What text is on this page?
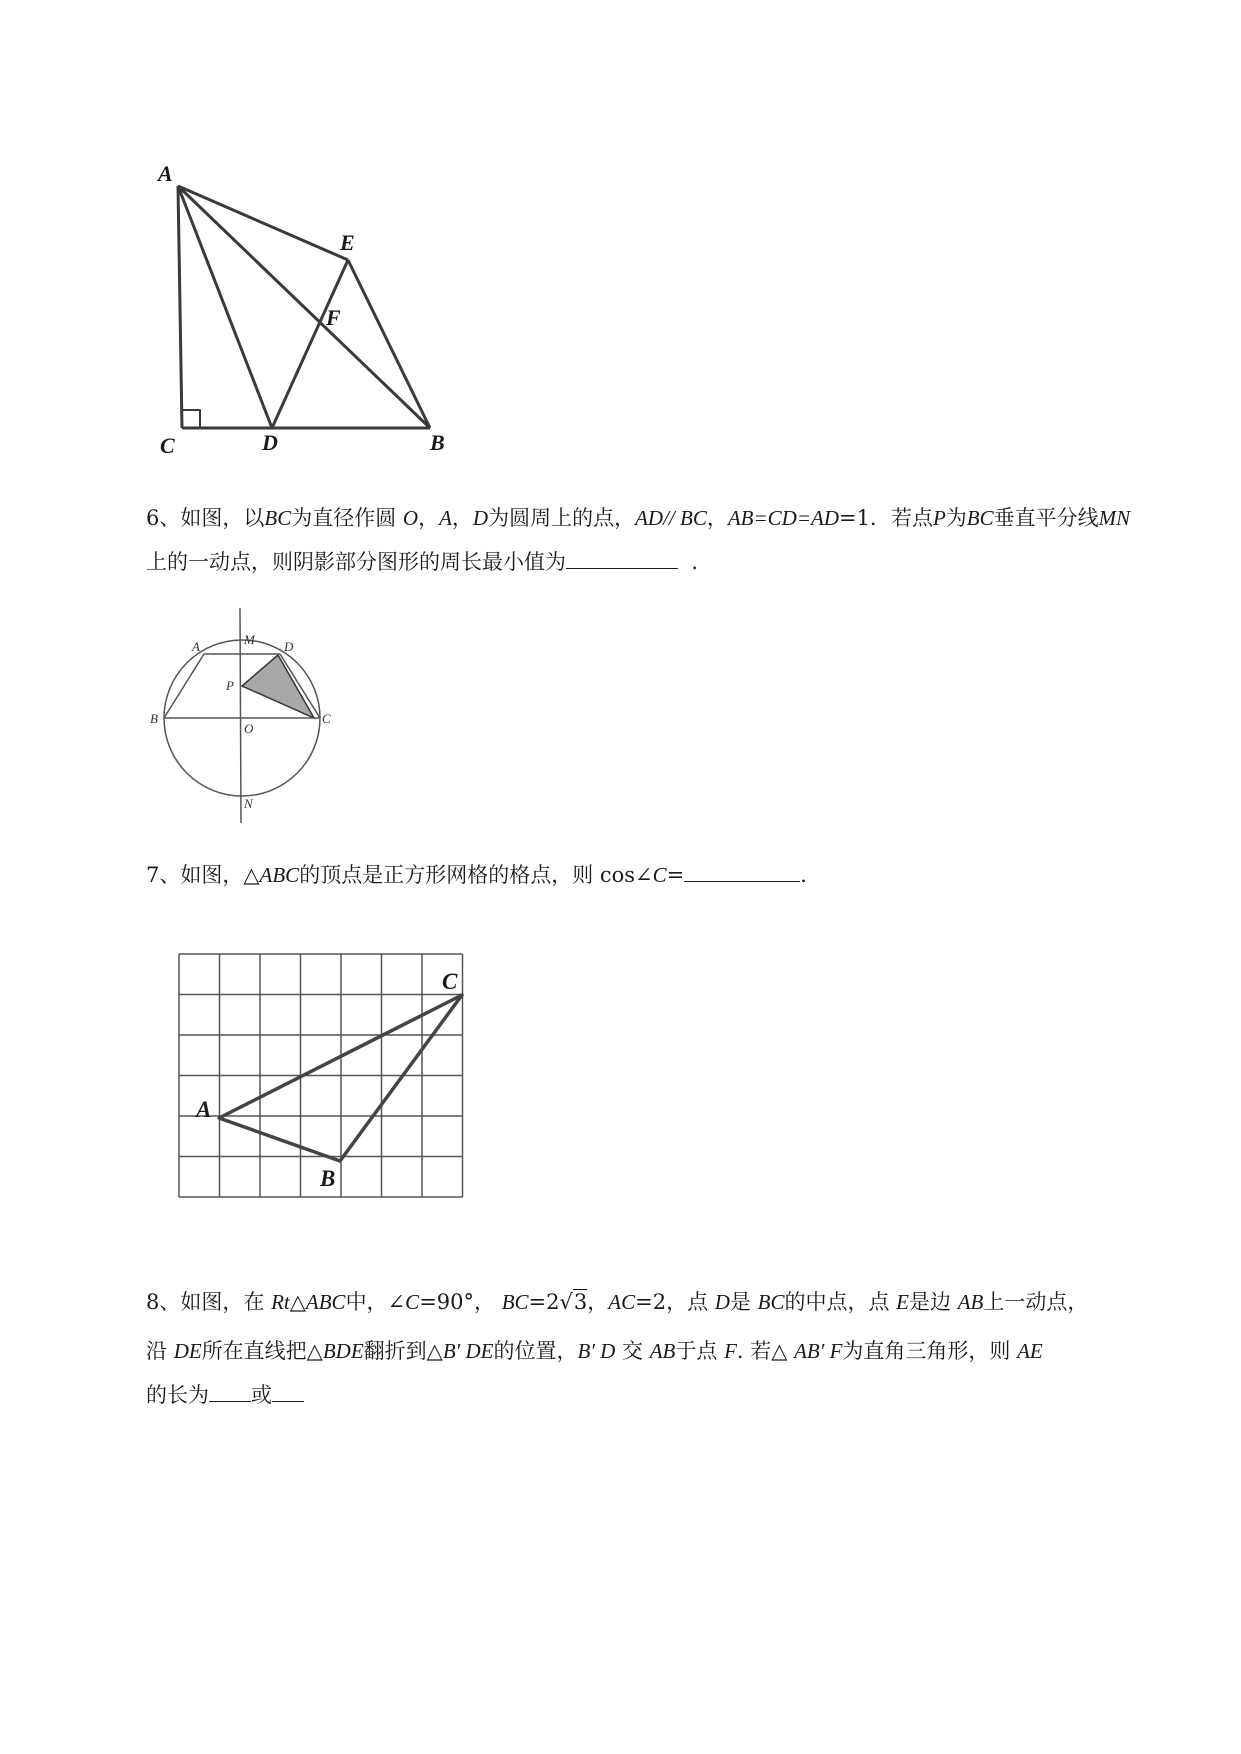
A
E
F
C	D	B
6、如图，以BC为直径作圆 O，A，D为圆周上的点，AD// BC，AB=CD=AD=1．若点P为BC垂直平分线MN
上的一动点，则阴影部分图形的周长最小值为	．
A	M D
P
B
O
C
N
7、如图，△ABC的顶点是正方形网格的格点，则 cos∠C=	．
A
B
C
8、如图，在 Rt△ABC中，∠C=90°， BC=2√3，AC=2，点 D是 BC的中点，点 E是边 AB上一动点，
沿 DE所在直线把△BDE翻折到△B′ DE的位置，B′ D 交 AB于点 F. 若△ AB′ F为直角三角形，则 AE
的长为 或
